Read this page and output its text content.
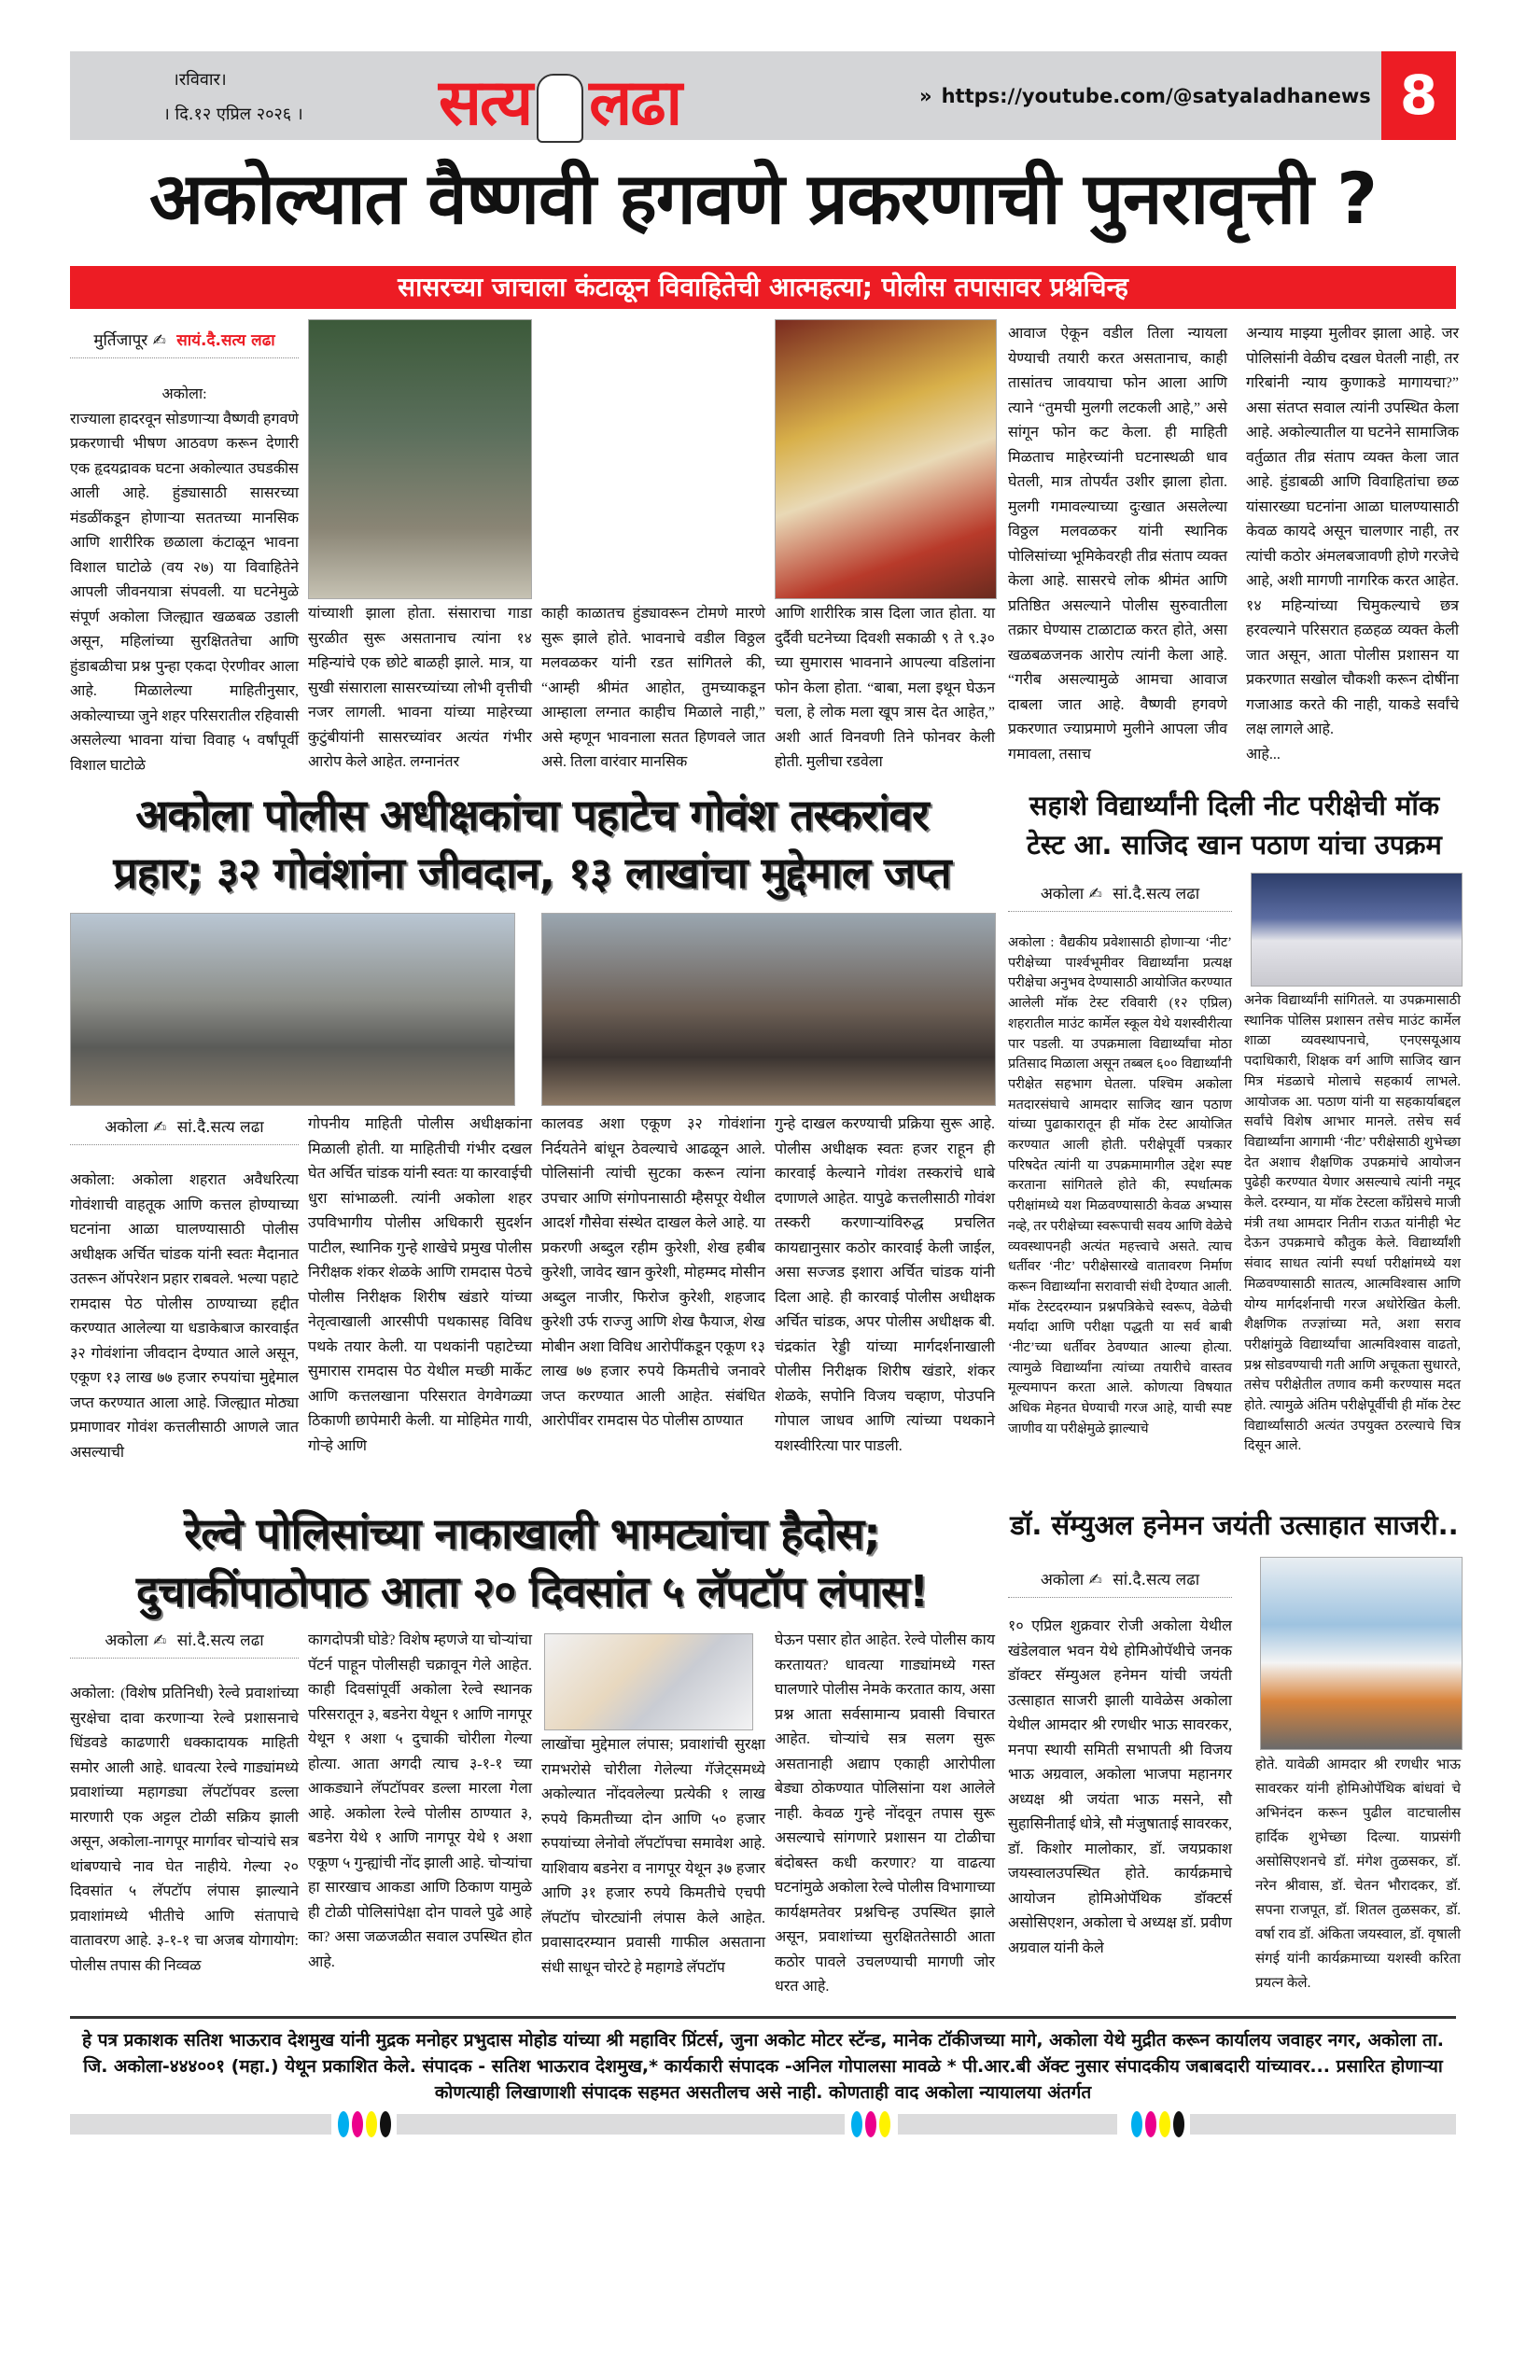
।रविवार।
। दि.१२ एप्रिल २०२६ । सत्य लढा	» https://youtube.com/@satyaladhanews 8
अकोल्यात वैष्णवी हगवणे प्रकरणाची पुनरावृत्ती ?
सासरच्या जाचाला कंटाळून विवाहितेची आत्महत्या; पोलीस तपासावर प्रश्नचिन्ह
मुर्तिजापूर ✍ सायं.दै.सत्य लढा
अकोला:
राज्याला हादरवून सोडणाऱ्या वैष्णवी हगवणे प्रकरणाची भीषण आठवण करून देणारी एक हृदयद्रावक घटना अकोल्यात उघडकीस आली आहे. हुंड्यासाठी सासरच्या मंडळींकडून होणाऱ्या सततच्या मानसिक आणि शारीरिक छळाला कंटाळून भावना विशाल घाटोळे (वय २७) या विवाहितेने आपली जीवनयात्रा संपवली. या घटनेमुळे संपूर्ण अकोला जिल्ह्यात खळबळ उडाली असून, महिलांच्या सुरक्षिततेचा आणि हुंडाबळीचा प्रश्न पुन्हा एकदा ऐरणीवर आला आहे. मिळालेल्या माहितीनुसार, अकोल्याच्या जुने शहर परिसरातील रहिवासी असलेल्या भावना यांचा विवाह ५ वर्षांपूर्वी विशाल घाटोळे
यांच्याशी झाला होता. संसाराचा गाडा सुरळीत सुरू असतानाच त्यांना १४ महिन्यांचे एक छोटे बाळही झाले. मात्र, या सुखी संसाराला सासरच्यांच्या लोभी वृत्तीची नजर लागली. भावना यांच्या माहेरच्या कुटुंबीयांनी सासरच्यांवर अत्यंत गंभीर आरोप केले आहेत. लग्नानंतर
काही काळातच हुंड्यावरून टोमणे मारणे सुरू झाले होते. भावनाचे वडील विठ्ठल मलवळकर यांनी रडत सांगितले की, “आम्ही श्रीमंत आहोत, तुमच्याकडून आम्हाला लग्नात काहीच मिळाले नाही,” असे म्हणून भावनाला सतत हिणवले जात असे. तिला वारंवार मानसिक
आणि शारीरिक त्रास दिला जात होता. या दुर्दैवी घटनेच्या दिवशी सकाळी ९ ते ९.३० च्या सुमारास भावनाने आपल्या वडिलांना फोन केला होता. “बाबा, मला इथून घेऊन चला, हे लोक मला खूप त्रास देत आहेत,” अशी आर्त विनवणी तिने फोनवर केली होती. मुलीचा रडवेला
आवाज ऐकून वडील तिला न्यायला येण्याची तयारी करत असतानाच, काही तासांतच जावयाचा फोन आला आणि त्याने “तुमची मुलगी लटकली आहे,” असे सांगून फोन कट केला. ही माहिती मिळताच माहेरच्यांनी घटनास्थळी धाव घेतली, मात्र तोपर्यंत उशीर झाला होता. मुलगी गमावल्याच्या दुःखात असलेल्या विठ्ठल मलवळकर यांनी स्थानिक पोलिसांच्या भूमिकेवरही तीव्र संताप व्यक्त केला आहे. सासरचे लोक श्रीमंत आणि प्रतिष्ठित असल्याने पोलीस सुरुवातीला तक्रार घेण्यास टाळाटाळ करत होते, असा खळबळजनक आरोप त्यांनी केला आहे. “गरीब असल्यामुळे आमचा आवाज दाबला जात आहे. वैष्णवी हगवणे प्रकरणात ज्याप्रमाणे मुलीने आपला जीव गमावला, तसाच
अन्याय माझ्या मुलीवर झाला आहे. जर पोलिसांनी वेळीच दखल घेतली नाही, तर गरिबांनी न्याय कुणाकडे मागायचा?” असा संतप्त सवाल त्यांनी उपस्थित केला आहे. अकोल्यातील या घटनेने सामाजिक वर्तुळात तीव्र संताप व्यक्त केला जात आहे. हुंडाबळी आणि विवाहितांचा छळ यांसारख्या घटनांना आळा घालण्यासाठी केवळ कायदे असून चालणार नाही, तर त्यांची कठोर अंमलबजावणी होणे गरजेचे आहे, अशी मागणी नागरिक करत आहेत. १४ महिन्यांच्या चिमुकल्याचे छत्र हरवल्याने परिसरात हळहळ व्यक्त केली जात असून, आता पोलीस प्रशासन या प्रकरणात सखोल चौकशी करून दोषींना गजाआड करते की नाही, याकडे सर्वांचे लक्ष लागले आहे.
आहे...
अकोला पोलीस अधीक्षकांचा पहाटेच गोवंश तस्करांवर
प्रहार; ३२ गोवंशांना जीवदान, १३ लाखांचा मुद्देमाल जप्त
अकोला ✍ सां.दै.सत्य लढा
अकोला: अकोला शहरात अवैधरित्या गोवंशाची वाहतूक आणि कत्तल होण्याच्या घटनांना आळा घालण्यासाठी पोलीस अधीक्षक अर्चित चांडक यांनी स्वतः मैदानात उतरून ऑपरेशन प्रहार राबवले. भल्या पहाटे रामदास पेठ पोलीस ठाण्याच्या हद्दीत करण्यात आलेल्या या धडाकेबाज कारवाईत ३२ गोवंशांना जीवदान देण्यात आले असून, एकूण १३ लाख ७७ हजार रुपयांचा मुद्देमाल जप्त करण्यात आला आहे. जिल्ह्यात मोठ्या प्रमाणावर गोवंश कत्तलीसाठी आणले जात असल्याची
गोपनीय माहिती पोलीस अधीक्षकांना मिळाली होती. या माहितीची गंभीर दखल घेत अर्चित चांडक यांनी स्वतः या कारवाईची धुरा सांभाळली. त्यांनी अकोला शहर उपविभागीय पोलीस अधिकारी सुदर्शन पाटील, स्थानिक गुन्हे शाखेचे प्रमुख पोलीस निरीक्षक शंकर शेळके आणि रामदास पेठचे पोलीस निरीक्षक शिरीष खंडारे यांच्या नेतृत्वाखाली आरसीपी पथकासह विविध पथके तयार केली. या पथकांनी पहाटेच्या सुमारास रामदास पेठ येथील मच्छी मार्केट आणि कत्तलखाना परिसरात वेगवेगळ्या ठिकाणी छापेमारी केली. या मोहिमेत गायी, गोऱ्हे आणि
कालवड अशा एकूण ३२ गोवंशांना निर्दयतेने बांधून ठेवल्याचे आढळून आले. पोलिसांनी त्यांची सुटका करून त्यांना उपचार आणि संगोपनासाठी म्हैसपूर येथील आदर्श गौसेवा संस्थेत दाखल केले आहे. या प्रकरणी अब्दुल रहीम कुरेशी, शेख हबीब कुरेशी, जावेद खान कुरेशी, मोहम्मद मोसीन अब्दुल नाजीर, फिरोज कुरेशी, शहजाद कुरेशी उर्फ राज्जु आणि शेख फैयाज, शेख मोबीन अशा विविध आरोपींकडून एकूण १३ लाख ७७ हजार रुपये किमतीचे जनावरे जप्त करण्यात आली आहेत. संबंधित आरोपींवर रामदास पेठ पोलीस ठाण्यात
गुन्हे दाखल करण्याची प्रक्रिया सुरू आहे. पोलीस अधीक्षक स्वतः हजर राहून ही कारवाई केल्याने गोवंश तस्करांचे धाबे दणाणले आहेत. यापुढे कत्तलीसाठी गोवंश तस्करी करणाऱ्यांविरुद्ध प्रचलित कायद्यानुसार कठोर कारवाई केली जाईल, असा सज्जड इशारा अर्चित चांडक यांनी दिला आहे. ही कारवाई पोलीस अधीक्षक अर्चित चांडक, अपर पोलीस अधीक्षक बी. चंद्रकांत रेड्डी यांच्या मार्गदर्शनाखाली पोलीस निरीक्षक शिरीष खंडारे, शंकर शेळके, सपोनि विजय चव्हाण, पोउपनि गोपाल जाधव आणि त्यांच्या पथकाने यशस्वीरित्या पार पाडली.
सहाशे विद्यार्थ्यांनी दिली नीट परीक्षेची मॉक
टेस्ट आ. साजिद खान पठाण यांचा उपक्रम
अकोला ✍ सां.दै.सत्य लढा
अकोला : वैद्यकीय प्रवेशासाठी होणाऱ्या ‘नीट’ परीक्षेच्या पार्श्वभूमीवर विद्यार्थ्यांना प्रत्यक्ष परीक्षेचा अनुभव देण्यासाठी आयोजित करण्यात आलेली मॉक टेस्ट रविवारी (१२ एप्रिल) शहरातील माउंट कार्मेल स्कूल येथे यशस्वीरीत्या पार पडली. या उपक्रमाला विद्यार्थ्यांचा मोठा प्रतिसाद मिळाला असून तब्बल ६०० विद्यार्थ्यांनी परीक्षेत सहभाग घेतला. पश्चिम अकोला मतदारसंघाचे आमदार साजिद खान पठाण यांच्या पुढाकारातून ही मॉक टेस्ट आयोजित करण्यात आली होती. परीक्षेपूर्वी पत्रकार परिषदेत त्यांनी या उपक्रमामागील उद्देश स्पष्ट करताना सांगितले होते की, स्पर्धात्मक परीक्षांमध्ये यश मिळवण्यासाठी केवळ अभ्यास नव्हे, तर परीक्षेच्या स्वरूपाची सवय आणि वेळेचे व्यवस्थापनही अत्यंत महत्त्वाचे असते. त्याच धर्तीवर ‘नीट’ परीक्षेसारखे वातावरण निर्माण करून विद्यार्थ्यांना सरावाची संधी देण्यात आली. मॉक टेस्टदरम्यान प्रश्नपत्रिकेचे स्वरूप, वेळेची मर्यादा आणि परीक्षा पद्धती या सर्व बाबी ‘नीट’च्या धर्तीवर ठेवण्यात आल्या होत्या. त्यामुळे विद्यार्थ्यांना त्यांच्या तयारीचे वास्तव मूल्यमापन करता आले. कोणत्या विषयात अधिक मेहनत घेण्याची गरज आहे, याची स्पष्ट जाणीव या परीक्षेमुळे झाल्याचे
अनेक विद्यार्थ्यांनी सांगितले. या उपक्रमासाठी स्थानिक पोलिस प्रशासन तसेच माउंट कार्मेल शाळा व्यवस्थापनाचे, एनएसयूआय पदाधिकारी, शिक्षक वर्ग आणि साजिद खान मित्र मंडळाचे मोलाचे सहकार्य लाभले. आयोजक आ. पठाण यांनी या सहकार्याबद्दल सर्वांचे विशेष आभार मानले. तसेच सर्व विद्यार्थ्यांना आगामी ‘नीट’ परीक्षेसाठी शुभेच्छा देत अशाच शैक्षणिक उपक्रमांचे आयोजन पुढेही करण्यात येणार असल्याचे त्यांनी नमूद केले. दरम्यान, या मॉक टेस्टला काँग्रेसचे माजी मंत्री तथा आमदार नितीन राऊत यांनीही भेट देऊन उपक्रमाचे कौतुक केले. विद्यार्थ्यांशी संवाद साधत त्यांनी स्पर्धा परीक्षांमध्ये यश मिळवण्यासाठी सातत्य, आत्मविश्वास आणि योग्य मार्गदर्शनाची गरज अधोरेखित केली. शैक्षणिक तज्ज्ञांच्या मते, अशा सराव परीक्षांमुळे विद्यार्थ्यांचा आत्मविश्वास वाढतो, प्रश्न सोडवण्याची गती आणि अचूकता सुधारते, तसेच परीक्षेतील तणाव कमी करण्यास मदत होते. त्यामुळे अंतिम परीक्षेपूर्वीची ही मॉक टेस्ट विद्यार्थ्यांसाठी अत्यंत उपयुक्त ठरल्याचे चित्र दिसून आले.
रेल्वे पोलिसांच्या नाकाखाली भामट्यांचा हैदोस;
दुचाकींपाठोपाठ आता २० दिवसांत ५ लॅपटॉप लंपास!
अकोला ✍ सां.दै.सत्य लढा
अकोला: (विशेष प्रतिनिधी) रेल्वे प्रवाशांच्या सुरक्षेचा दावा करणाऱ्या रेल्वे प्रशासनाचे धिंडवडे काढणारी धक्कादायक माहिती समोर आली आहे. धावत्या रेल्वे गाड्यांमध्ये प्रवाशांच्या महागड्या लॅपटॉपवर डल्ला मारणारी एक अट्टल टोळी सक्रिय झाली असून, अकोला-नागपूर मार्गावर चोऱ्यांचे सत्र थांबण्याचे नाव घेत नाहीये. गेल्या २० दिवसांत ५ लॅपटॉप लंपास झाल्याने प्रवाशांमध्ये भीतीचे आणि संतापाचे वातावरण आहे. ३-१-१ चा अजब योगायोग: पोलीस तपास की निव्वळ
कागदोपत्री घोडे? विशेष म्हणजे या चोऱ्यांचा पॅटर्न पाहून पोलीसही चक्रावून गेले आहेत. काही दिवसांपूर्वी अकोला रेल्वे स्थानक परिसरातून ३, बडनेरा येथून १ आणि नागपूर येथून १ अशा ५ दुचाकी चोरीला गेल्या होत्या. आता अगदी त्याच ३-१-१ च्या आकड्याने लॅपटॉपवर डल्ला मारला गेला आहे. अकोला रेल्वे पोलीस ठाण्यात ३, बडनेरा येथे १ आणि नागपूर येथे १ अशा एकूण ५ गुन्ह्यांची नोंद झाली आहे. चोऱ्यांचा हा सारखाच आकडा आणि ठिकाण यामुळे ही टोळी पोलिसांपेक्षा दोन पावले पुढे आहे का? असा जळजळीत सवाल उपस्थित होत आहे.
लाखोंचा मुद्देमाल लंपास; प्रवाशांची सुरक्षा रामभरोसे चोरीला गेलेल्या गॅजेट्समध्ये अकोल्यात नोंदवलेल्या प्रत्येकी १ लाख रुपये किमतीच्या दोन आणि ५० हजार रुपयांच्या लेनोवो लॅपटॉपचा समावेश आहे. याशिवाय बडनेरा व नागपूर येथून ३७ हजार आणि ३१ हजार रुपये किमतीचे एचपी लॅपटॉप चोरट्यांनी लंपास केले आहेत. प्रवासादरम्यान प्रवासी गाफील असताना संधी साधून चोरटे हे महागडे लॅपटॉप
घेऊन पसार होत आहेत. रेल्वे पोलीस काय करतायत? धावत्या गाड्यांमध्ये गस्त घालणारे पोलीस नेमके करतात काय, असा प्रश्न आता सर्वसामान्य प्रवासी विचारत आहेत. चोऱ्यांचे सत्र सलग सुरू असतानाही अद्याप एकाही आरोपीला बेड्या ठोकण्यात पोलिसांना यश आलेले नाही. केवळ गुन्हे नोंदवून तपास सुरू असल्याचे सांगणारे प्रशासन या टोळीचा बंदोबस्त कधी करणार? या वाढत्या घटनांमुळे अकोला रेल्वे पोलीस विभागाच्या कार्यक्षमतेवर प्रश्नचिन्ह उपस्थित झाले असून, प्रवाशांच्या सुरक्षिततेसाठी आता कठोर पावले उचलण्याची मागणी जोर धरत आहे.
डॉ. सॅम्युअल हनेमन जयंती उत्साहात साजरी..
अकोला ✍ सां.दै.सत्य लढा
१० एप्रिल शुक्रवार रोजी अकोला येथील खंडेलवाल भवन येथे होमिओपॅथीचे जनक डॉक्टर सॅम्युअल हनेमन यांची जयंती उत्साहात साजरी झाली यावेळेस अकोला येथील आमदार श्री रणधीर भाऊ सावरकर, मनपा स्थायी समिती सभापती श्री विजय भाऊ अग्रवाल, अकोला भाजपा महानगर अध्यक्ष श्री जयंता भाऊ मसने, सौ सुहासिनीताई धोत्रे, सौ मंजुषाताई सावरकर, डॉ. किशोर मालोकार, डॉ. जयप्रकाश जयस्वालउपस्थित होते. कार्यक्रमाचे आयोजन होमिओपॅथिक डॉक्टर्स असोसिएशन, अकोला चे अध्यक्ष डॉ. प्रवीण अग्रवाल यांनी केले
होते. यावेळी आमदार श्री रणधीर भाऊ सावरकर यांनी होमिओपॅथिक बांधवां चे अभिनंदन करून पुढील वाटचालीस हार्दिक शुभेच्छा दिल्या. याप्रसंगी असोसिएशनचे डॉ. मंगेश तुळसकर, डॉ. नरेन श्रीवास, डॉ. चेतन भौरादकर, डॉ. सपना राजपूत, डॉ. शितल तुळसकर, डॉ. वर्षा राव डॉ. अंकिता जयस्वाल, डॉ. वृषाली संगई यांनी कार्यक्रमाच्या यशस्वी करिता प्रयत्न केले.
हे पत्र प्रकाशक सतिश भाऊराव देशमुख यांनी मुद्रक मनोहर प्रभुदास मोहोड यांच्या श्री महाविर प्रिंटर्स, जुना अकोट मोटर स्टॅन्ड, मानेक टॉकीजच्या मागे, अकोला येथे मुद्रीत करून कार्यालय जवाहर नगर, अकोला ता. जि. अकोला-४४४००१ (महा.) येथून प्रकाशित केले. संपादक - सतिश भाऊराव देशमुख,* कार्यकारी संपादक -अनिल गोपालसा मावळे * पी.आर.बी ॲक्ट नुसार संपादकीय जबाबदारी यांच्यावर... प्रसारित होणाऱ्या कोणत्याही लिखाणाशी संपादक सहमत असतीलच असे नाही. कोणताही वाद अकोला न्यायालया अंतर्गत
